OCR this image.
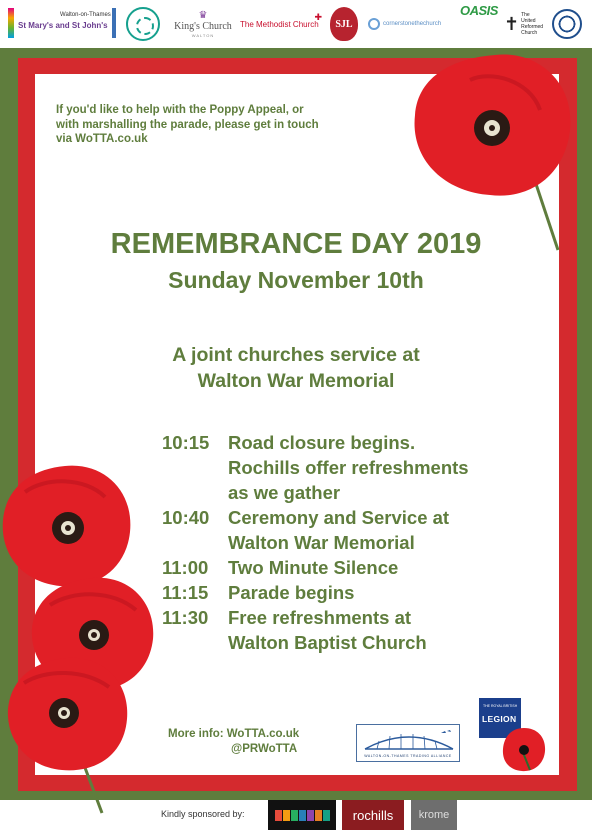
Walton-on-Thames
St Mary's and St John's
♛
King's Church
WALTON
The Methodist Church
✚
SJL	cornerstonethechurch
OASIS
✝ The
United
Reformed
Church

If you'd like to help with the Poppy Appeal, or with marshalling the parade, please get in touch via WoTTA.co.uk

REMEMBRANCE DAY 2019
Sunday November 10th
A joint churches service at
Walton War Memorial
10:15	Road closure begins.
Rochills offer refreshments
as we gather
10:40	Ceremony and Service at
Walton War Memorial
11:00	Two Minute Silence
11:15	Parade begins
11:30	Free refreshments at
Walton Baptist Church
More info: WoTTA.co.uk
@PRWoTTA
WALTON-ON-THAMES TRADING ALLIANCE
THE ROYAL BRITISH
LEGION
Kindly sponsored by:	rochills	krome
